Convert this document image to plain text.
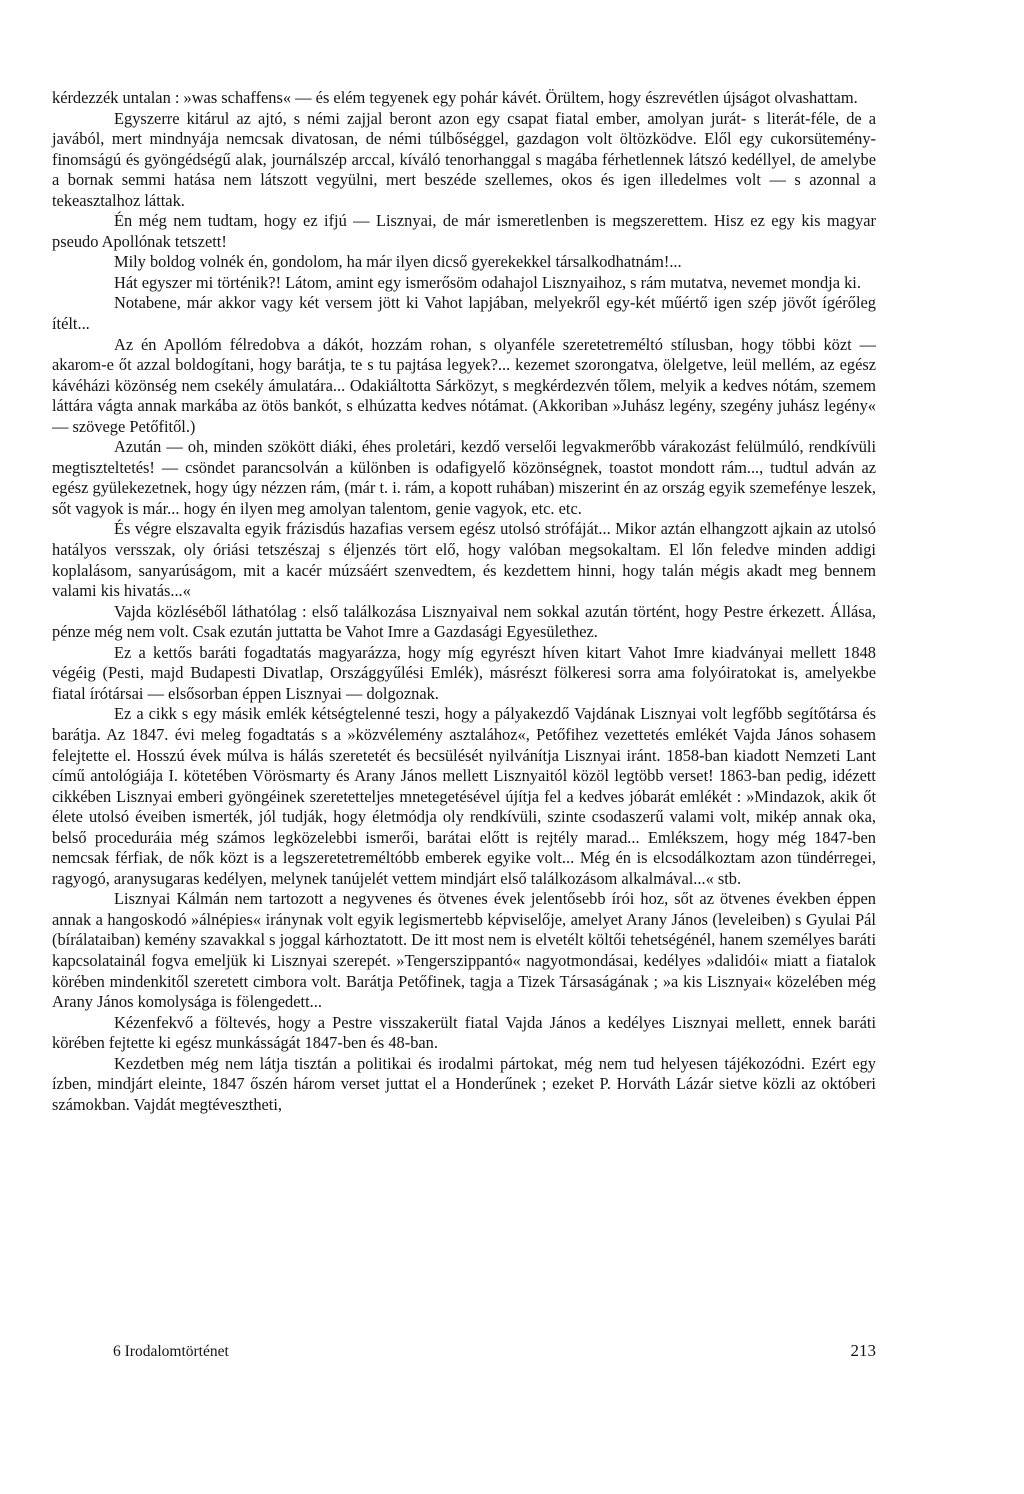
kérdezzék untalan : »was schaffens« — és elém tegyenek egy pohár kávét. Örültem, hogy észrevétlen újságot olvashattam.

Egyszerre kitárul az ajtó, s némi zajjal beront azon egy csapat fiatal ember, amolyan jurát- s literát-féle, de a javából, mert mindnyája nemcsak divatosan, de némi túlbőséggel, gazdagon volt öltözködve. Elől egy cukorsütemény-finomságú és gyöngédségű alak, journálszép arccal, kíváló tenorhanggal s magába férhetlennek látszó kedéllyel, de amelybe a bornak semmi hatása nem látszott vegyülni, mert beszéde szellemes, okos és igen illedelmes volt — s azonnal a tekeasztalhoz láttak.

Én még nem tudtam, hogy ez ifjú — Lisznyai, de már ismeretlenben is megszerettem. Hisz ez egy kis magyar pseudo Apollónak tetszett!

Mily boldog volnék én, gondolom, ha már ilyen dicső gyerekekkel társalkodhatnám!...

Hát egyszer mi történik?! Látom, amint egy ismerősöm odahajol Lisznyaihoz, s rám mutatva, nevemet mondja ki.

Notabene, már akkor vagy két versem jött ki Vahot lapjában, melyekről egy-két műértő igen szép jövőt ígérőleg ítélt...

Az én Apollóm félredobva a dákót, hozzám rohan, s olyanféle szeretetreméltó stílusban, hogy többi közt — akarom-e őt azzal boldogítani, hogy barátja, te s tu pajtása legyek?... kezemet szorongatva, ölelgetve, leül mellém, az egész kávéházi közönség nem csekély ámulatára... Odakiáltotta Sárközyt, s megkérdezvén tőlem, melyik a kedves nótám, szemem láttára vágta annak markába az ötös bankót, s elhúzatta kedves nótámat. (Akkoriban »Juhász legény, szegény juhász legény« — szövege Petőfitől.)

Azután — oh, minden szökött diáki, éhes proletári, kezdő verselői legvakmerőbb várakozást felülmúló, rendkívüli megtiszteltetés! — csöndet parancsolván a különben is odafigyelő közönségnek, toastot mondott rám..., tudtul adván az egész gyülekezetnek, hogy úgy nézzen rám, (már t. i. rám, a kopott ruhában) miszerint én az ország egyik szemefénye leszek, sőt vagyok is már... hogy én ilyen meg amolyan talentom, genie vagyok, etc. etc.

És végre elszavalta egyik frázisdús hazafias versem egész utolsó strófáját... Mikor aztán elhangzott ajkain az utolsó hatályos versszak, oly óriási tetszészaj s éljenzés tört elő, hogy valóban megsokaltam. El lőn feledve minden addigi koplalásom, sanyarúságom, mit a kacér múzsáért szenvedtem, és kezdettem hinni, hogy talán mégis akadt meg bennem valami kis hivatás...«

Vajda közléséből láthatólag : első találkozása Lisznyaival nem sokkal azután történt, hogy Pestre érkezett. Állása, pénze még nem volt. Csak ezután juttatta be Vahot Imre a Gazdasági Egyesülethez.

Ez a kettős baráti fogadtatás magyarázza, hogy míg egyrészt híven kitart Vahot Imre kiadványai mellett 1848 végéig (Pesti, majd Budapesti Divatlap, Országgyűlési Emlék), másrészt fölkeresi sorra ama folyóiratokat is, amelyekbe fiatal írótársai — elsősorban éppen Lisznyai — dolgoznak.

Ez a cikk s egy másik emlék kétségtelenné teszi, hogy a pályakezdő Vajdának Lisznyai volt legfőbb segítőtársa és barátja. Az 1847. évi meleg fogadtatás s a »közvélemény asztalához«, Petőfihez vezettetés emlékét Vajda János sohasem felejtette el. Hosszú évek múlva is hálás szeretetét és becsülését nyilvánítja Lisznyai iránt. 1858-ban kiadott Nemzeti Lant című antológiája I. kötetében Vörösmarty és Arany János mellett Lisznyaitól közöl legtöbb verset! 1863-ban pedig, idézett cikkében Lisznyai emberi gyöngéinek szeretetteljes mnetegetésével újítja fel a kedves jóbarát emlékét : »Mindazok, akik őt élete utolsó éveiben ismerték, jól tudják, hogy életmódja oly rendkívüli, szinte csodaszerű valami volt, mikép annak oka, belső proceduráia még számos legközelebbi ismerői, barátai előtt is rejtély marad... Emlékszem, hogy még 1847-ben nemcsak férfiak, de nők közt is a legszeretetreméltóbb emberek egyike volt... Még én is elcsodálkoztam azon tündérregei, ragyogó, aranysugaras kedélyen, melynek tanújelét vettem mindjárt első találkozásom alkalmával...« stb.

Lisznyai Kálmán nem tartozott a negyvenes és ötvenes évek jelentősebb írói hoz, sőt az ötvenes években éppen annak a hangoskodó »álnépies« iránynak volt egyik legismertebb képviselője, amelyet Arany János (leveleiben) s Gyulai Pál (bírálataiban) kemény szavakkal s joggal kárhoztatott. De itt most nem is elvetélt költői tehetségénél, hanem személyes baráti kapcsolatainál fogva emeljük ki Lisznyai szerepét. »Tengerszippantó« nagyotmondásai, kedélyes »dalidói« miatt a fiatalok körében mindenkitől szeretett cimbora volt. Barátja Petőfinek, tagja a Tizek Társaságának ; »a kis Lisznyai« közelében még Arany János komolysága is fölengedett...

Kézenfekvő a föltevés, hogy a Pestre visszakerült fiatal Vajda János a kedélyes Lisznyai mellett, ennek baráti körében fejtette ki egész munkásságát 1847-ben és 48-ban.

Kezdetben még nem látja tisztán a politikai és irodalmi pártokat, még nem tud helyesen tájékozódni. Ezért egy ízben, mindjárt eleinte, 1847 őszén három verset juttat el a Honderűnek ; ezeket P. Horváth Lázár sietve közli az októberi számokban. Vajdát megtévesztheti,

6 Irodalomtörténet	213
